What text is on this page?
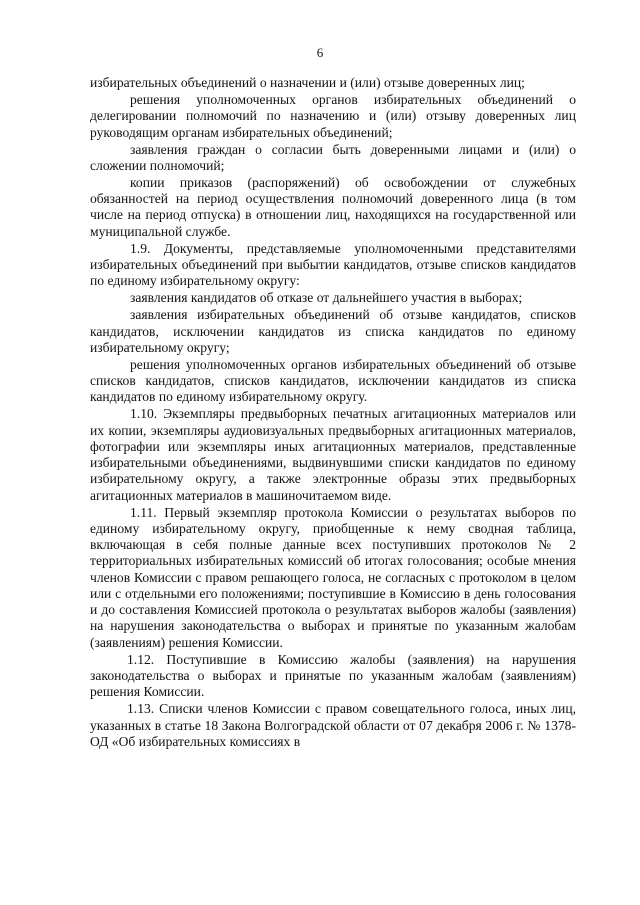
6

избирательных объединений о назначении и (или) отзыве доверенных лиц;

решения уполномоченных органов избирательных объединений о делегировании полномочий по назначению и (или) отзыву доверенных лиц руководящим органам избирательных объединений;

заявления граждан о согласии быть доверенными лицами и (или) о сложении полномочий;

копии приказов (распоряжений) об освобождении от служебных обязанностей на период осуществления полномочий доверенного лица (в том числе на период отпуска) в отношении лиц, находящихся на государственной или муниципальной службе.

1.9. Документы, представляемые уполномоченными представителями избирательных объединений при выбытии кандидатов, отзыве списков кандидатов по единому избирательному округу:

заявления кандидатов об отказе от дальнейшего участия в выборах;

заявления избирательных объединений об отзыве кандидатов, списков кандидатов, исключении кандидатов из списка кандидатов по единому избирательному округу;

решения уполномоченных органов избирательных объединений об отзыве списков кандидатов, списков кандидатов, исключении кандидатов из списка кандидатов по единому избирательному округу.

1.10. Экземпляры предвыборных печатных агитационных материалов или их копии, экземпляры аудиовизуальных предвыборных агитационных материалов, фотографии или экземпляры иных агитационных материалов, представленные избирательными объединениями, выдвинувшими списки кандидатов по единому избирательному округу, а также электронные образы этих предвыборных агитационных материалов в машиночитаемом виде.

1.11. Первый экземпляр протокола Комиссии о результатах выборов по единому избирательному округу, приобщенные к нему сводная таблица, включающая в себя полные данные всех поступивших протоколов № 2 территориальных избирательных комиссий об итогах голосования; особые мнения членов Комиссии с правом решающего голоса, не согласных с протоколом в целом или с отдельными его положениями; поступившие в Комиссию в день голосования и до составления Комиссией протокола о результатах выборов жалобы (заявления) на нарушения законодательства о выборах и принятые по указанным жалобам (заявлениям) решения Комиссии.

1.12. Поступившие в Комиссию жалобы (заявления) на нарушения законодательства о выборах и принятые по указанным жалобам (заявлениям) решения Комиссии.

1.13. Списки членов Комиссии с правом совещательного голоса, иных лиц, указанных в статье 18 Закона Волгоградской области от 07 декабря 2006 г. № 1378-ОД «Об избирательных комиссиях в
